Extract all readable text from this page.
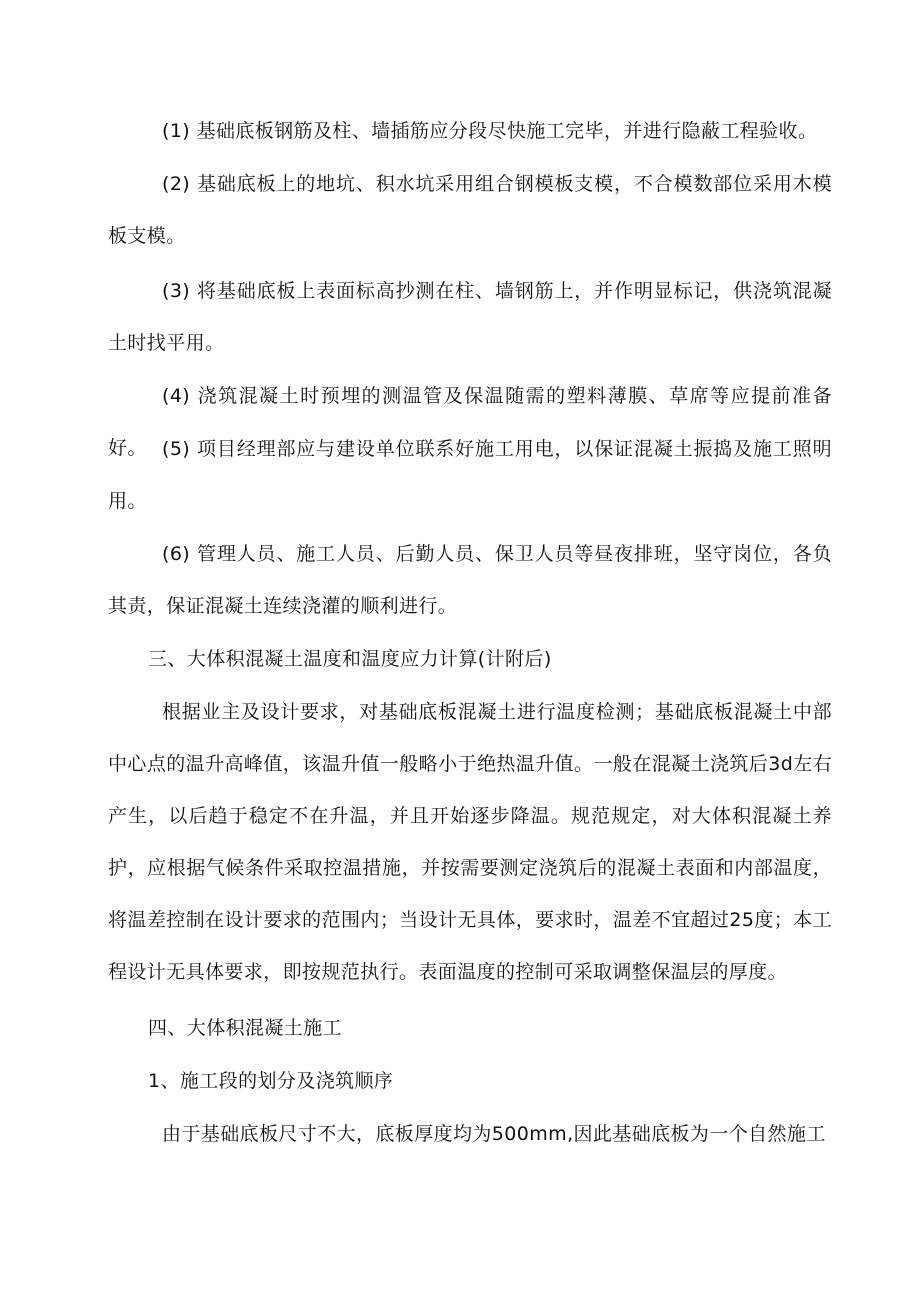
(1) 基础底板钢筋及柱、墙插筋应分段尽快施工完毕，并进行隐蔽工程验收。

(2) 基础底板上的地坑、积水坑采用组合钢模板支模，不合模数部位采用木模板支模。

(3) 将基础底板上表面标高抄测在柱、墙钢筋上，并作明显标记，供浇筑混凝土时找平用。

(4) 浇筑混凝土时预埋的测温管及保温随需的塑料薄膜、草席等应提前准备好。 (5) 项目经理部应与建设单位联系好施工用电，以保证混凝土振捣及施工照明用。

(6) 管理人员、施工人员、后勤人员、保卫人员等昼夜排班，坚守岗位，各负其责，保证混凝土连续浇灌的顺利进行。

三、大体积混凝土温度和温度应力计算(计附后)

根据业主及设计要求，对基础底板混凝土进行温度检测；基础底板混凝土中部中心点的温升高峰值，该温升值一般略小于绝热温升值。一般在混凝土浇筑后3d左右产生，以后趋于稳定不在升温，并且开始逐步降温。规范规定，对大体积混凝土养护，应根据气候条件采取控温措施，并按需要测定浇筑后的混凝土表面和内部温度，将温差控制在设计要求的范围内；当设计无具体，要求时，温差不宜超过25度；本工程设计无具体要求，即按规范执行。表面温度的控制可采取调整保温层的厚度。

四、大体积混凝土施工

1、施工段的划分及浇筑顺序

由于基础底板尺寸不大，底板厚度均为500mm,因此基础底板为一个自然施工
